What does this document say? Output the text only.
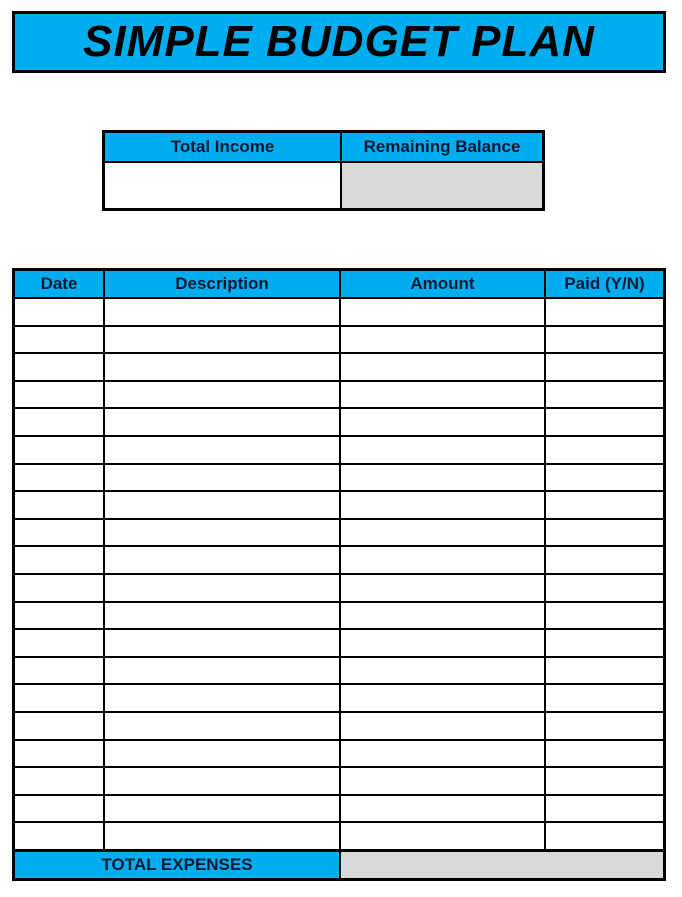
SIMPLE BUDGET PLAN
Total Income	Remaining Balance

Date	Description	Amount	Paid (Y/N)

TOTAL EXPENSES			
